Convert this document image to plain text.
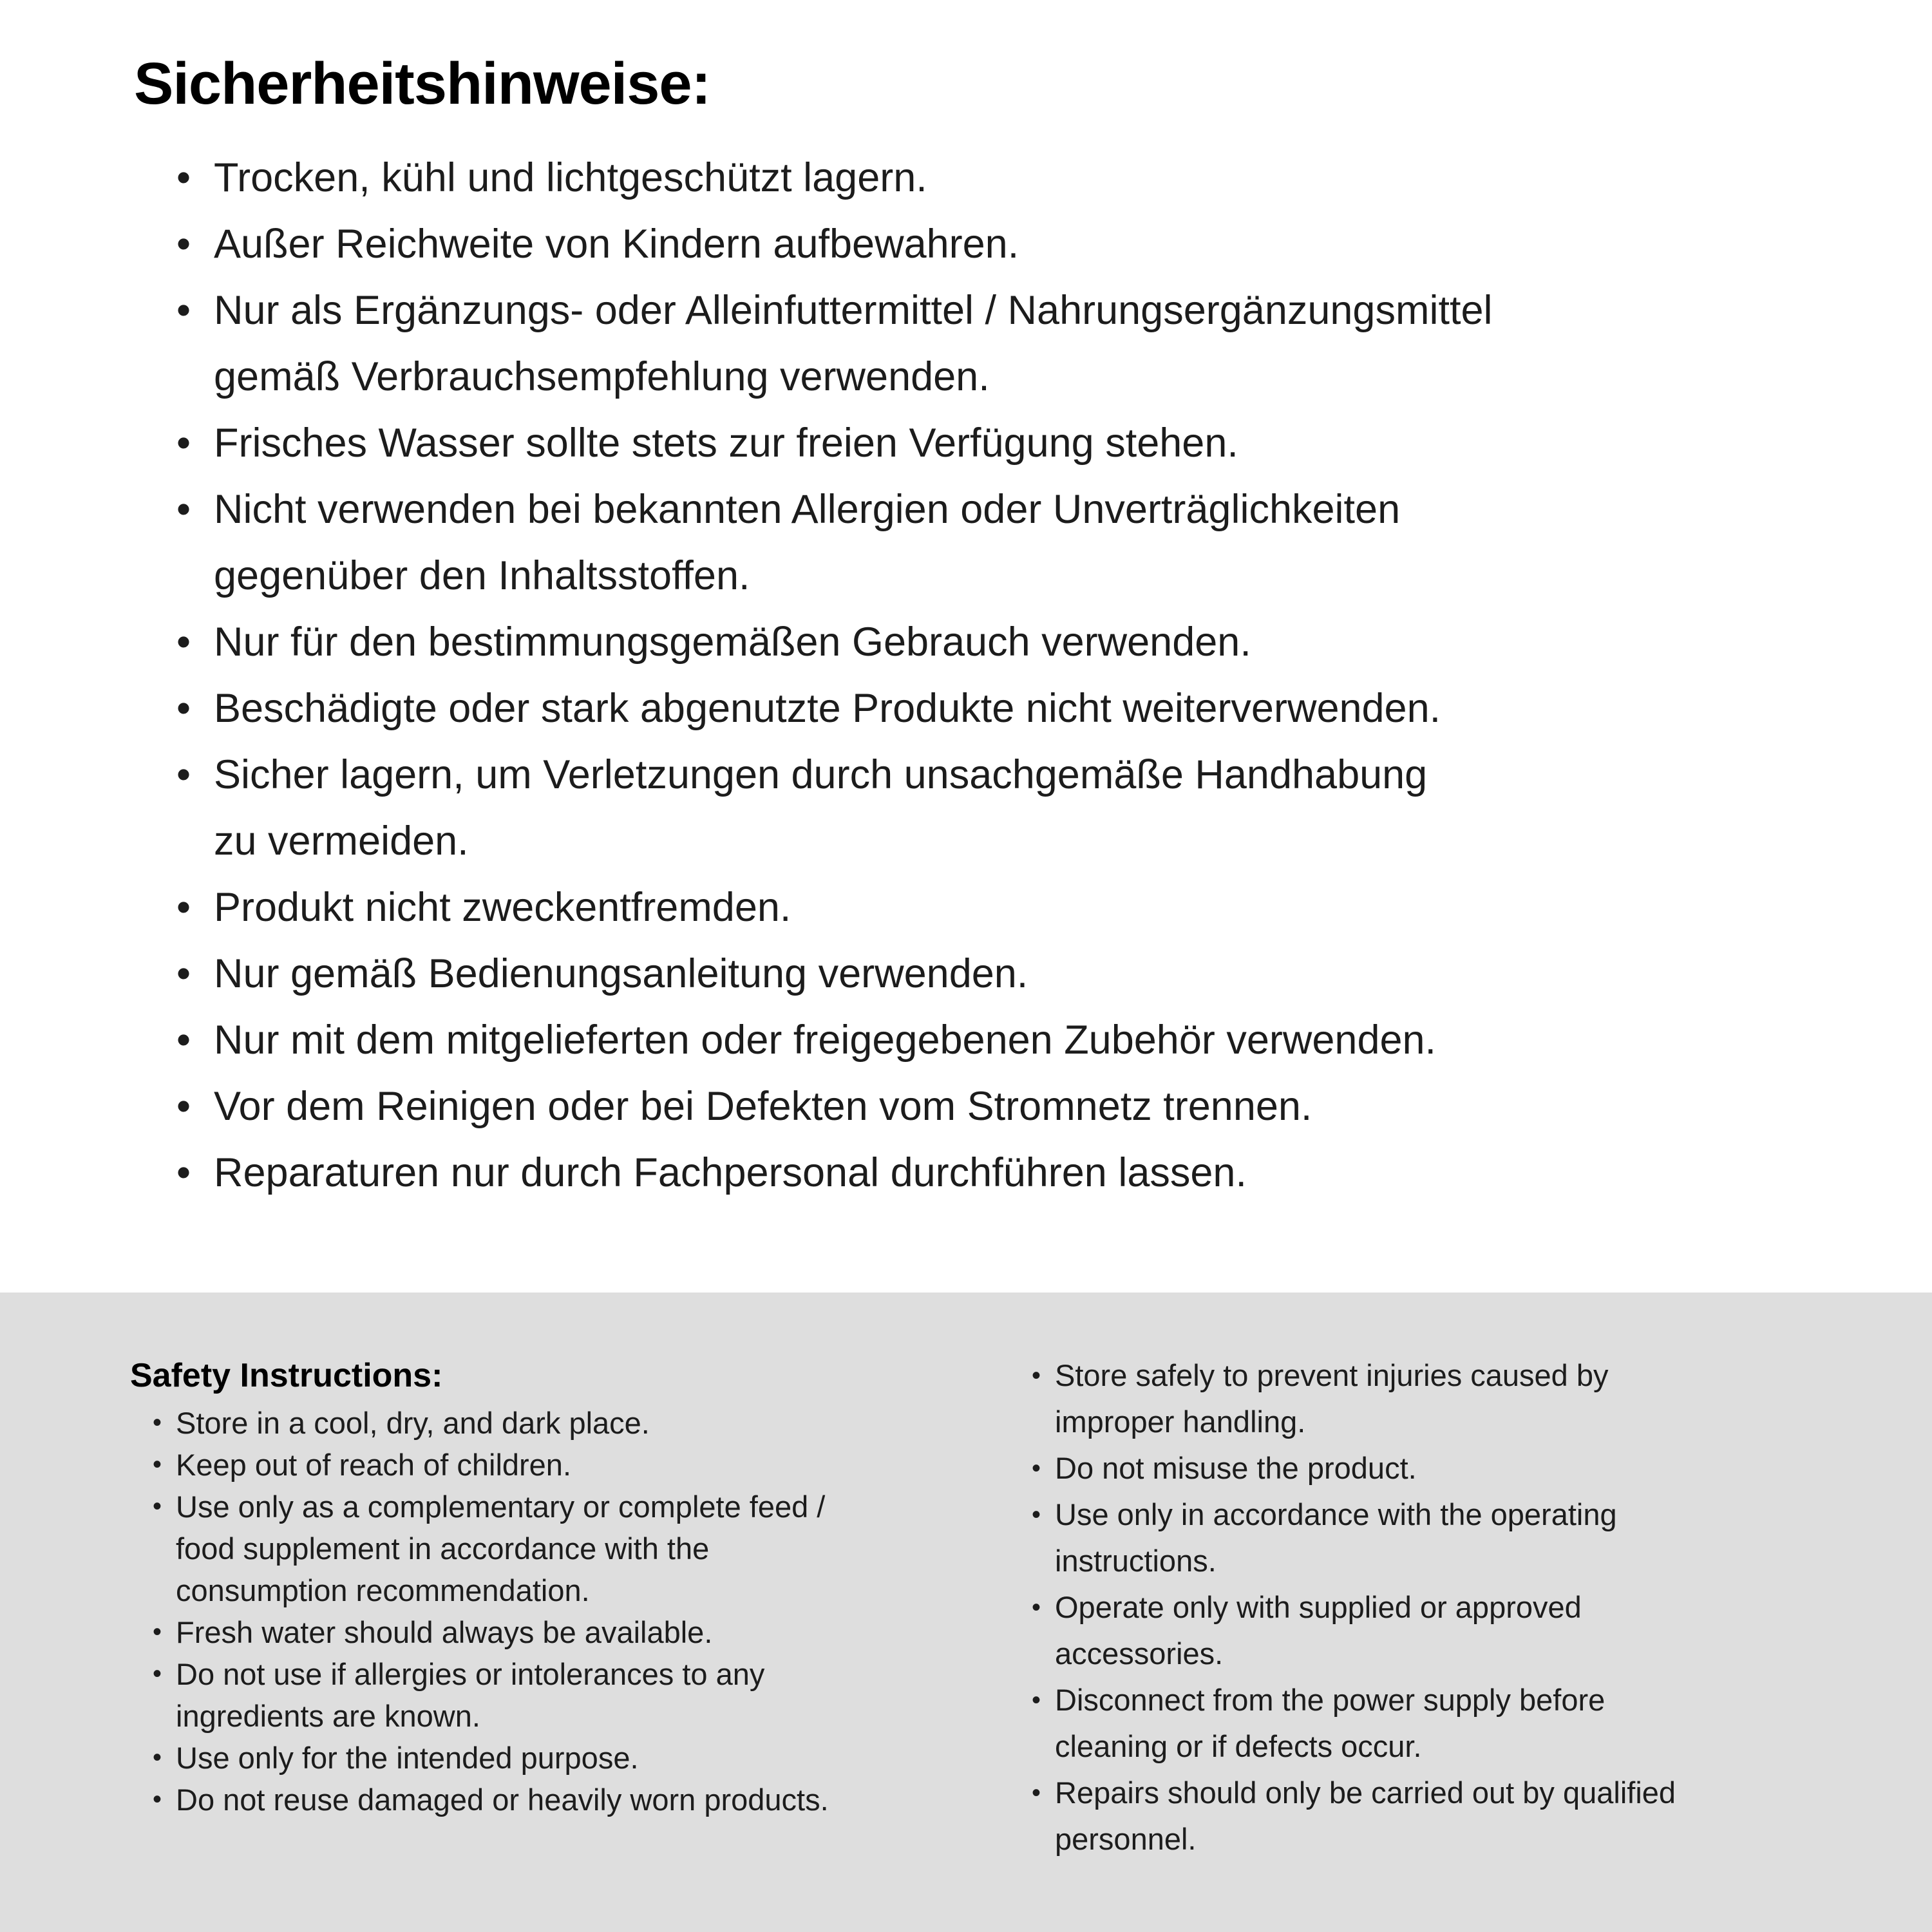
Sicherheitshinweise:
• Trocken, kühl und lichtgeschützt lagern.
• Außer Reichweite von Kindern aufbewahren.
• Nur als Ergänzungs- oder Alleinfuttermittel / Nahrungsergänzungsmittel
gemäß Verbrauchsempfehlung verwenden.
• Frisches Wasser sollte stets zur freien Verfügung stehen.
• Nicht verwenden bei bekannten Allergien oder Unverträglichkeiten
gegenüber den Inhaltsstoffen.
• Nur für den bestimmungsgemäßen Gebrauch verwenden.
• Beschädigte oder stark abgenutzte Produkte nicht weiterverwenden.
• Sicher lagern, um Verletzungen durch unsachgemäße Handhabung
zu vermeiden.
• Produkt nicht zweckentfremden.
• Nur gemäß Bedienungsanleitung verwenden.
• Nur mit dem mitgelieferten oder freigegebenen Zubehör verwenden.
• Vor dem Reinigen oder bei Defekten vom Stromnetz trennen.
• Reparaturen nur durch Fachpersonal durchführen lassen.
Safety Instructions:
• Store in a cool, dry, and dark place.
• Keep out of reach of children.
• Use only as a complementary or complete feed /
food supplement in accordance with the
consumption recommendation.
• Fresh water should always be available.
• Do not use if allergies or intolerances to any
ingredients are known.
• Use only for the intended purpose.
• Do not reuse damaged or heavily worn products.
• Store safely to prevent injuries caused by
improper handling.
• Do not misuse the product.
• Use only in accordance with the operating
instructions.
• Operate only with supplied or approved
accessories.
• Disconnect from the power supply before
cleaning or if defects occur.
• Repairs should only be carried out by qualified
personnel.
